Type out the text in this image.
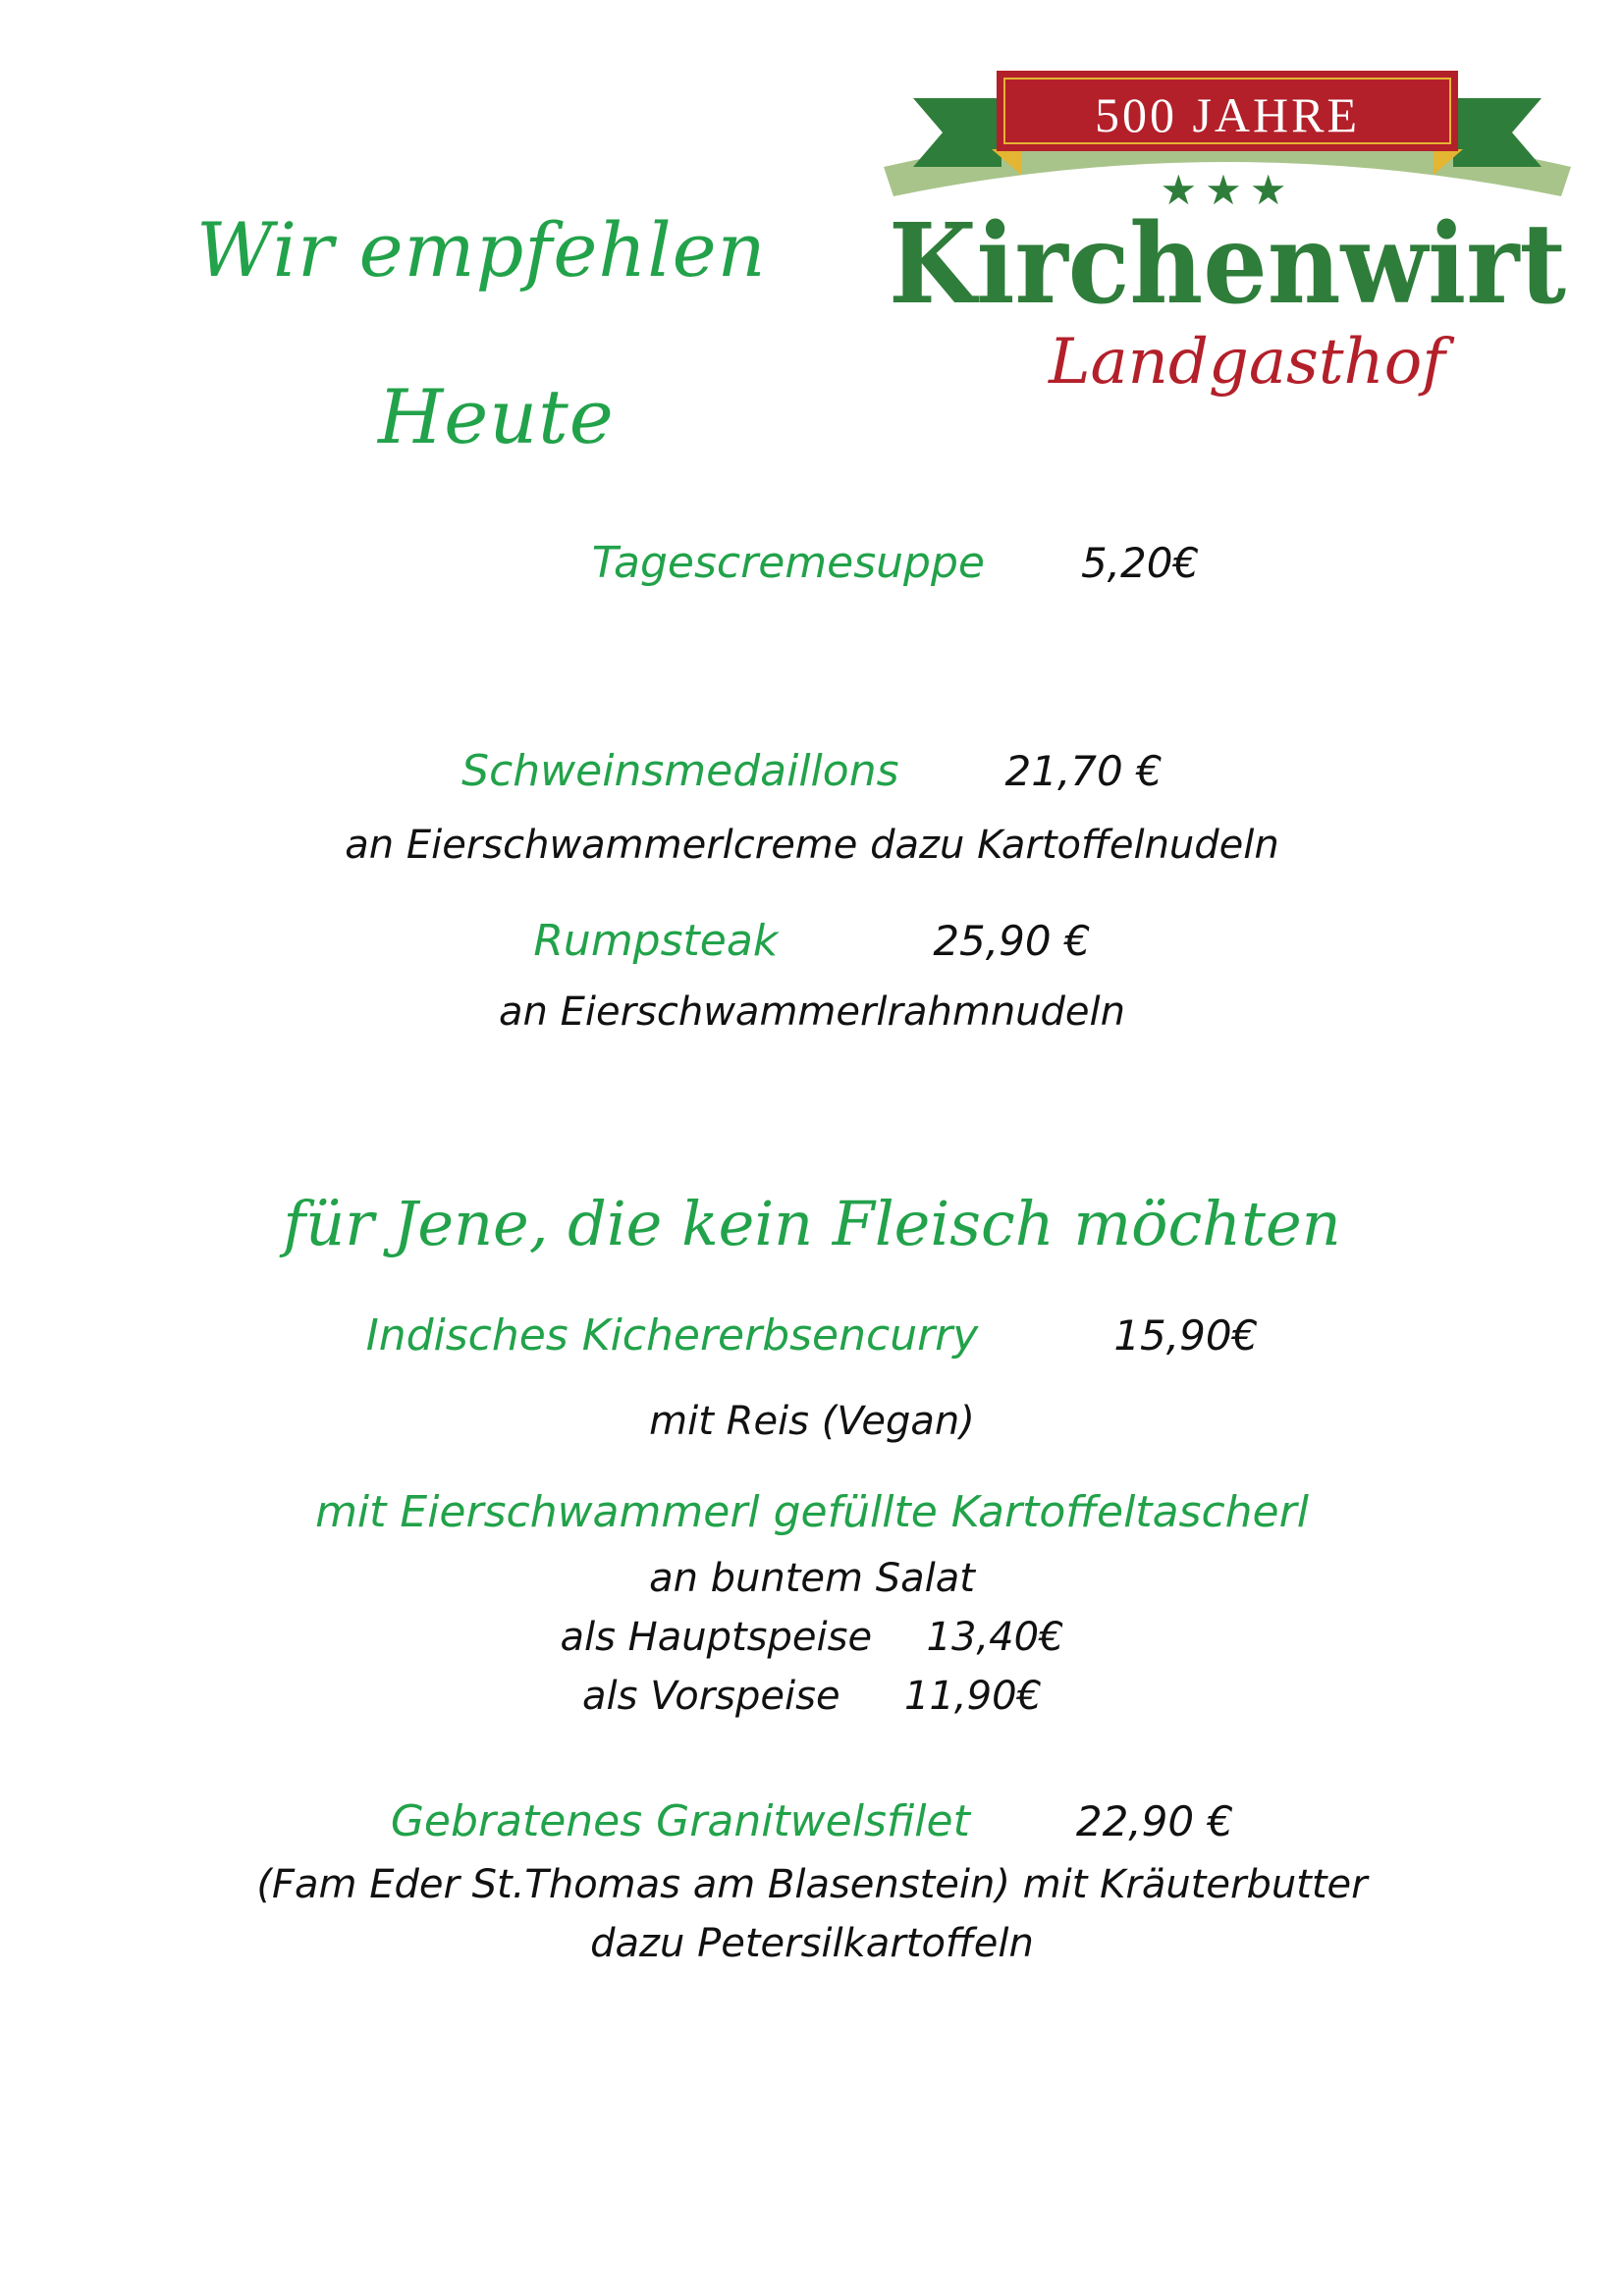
Wir empfehlen
Heute
500 JAHRE
★★★
Kirchenwirt
Landgasthof
Tagescremesuppe 5,20€
Schweinsmedaillons	21,70 €
an Eierschwammerlcreme dazu Kartoffelnudeln
Rumpsteak	25,90 €
an Eierschwammerlrahmnudeln
für Jene, die kein Fleisch möchten
Indisches Kichererbsencurry	15,90€
mit Reis (Vegan)
mit Eierschwammerl gefüllte Kartoffeltascherl
an buntem Salat
als Hauptspeise 13,40€
als Vorspeise 11,90€
Gebratenes Granitwelsfilet	22,90 €
(Fam Eder St.Thomas am Blasenstein) mit Kräuterbutter
dazu Petersilkartoffeln
